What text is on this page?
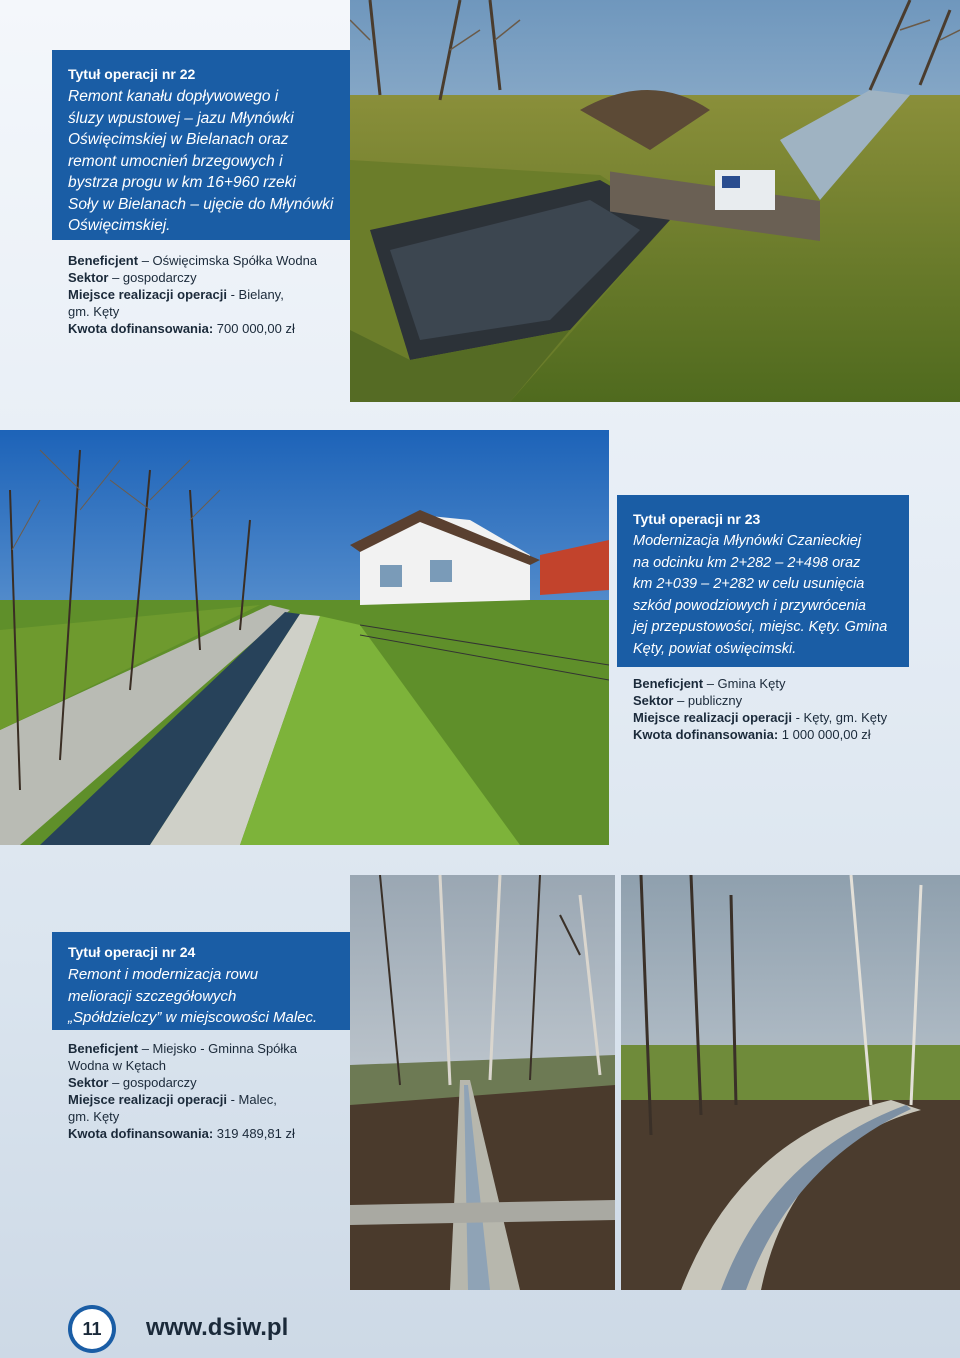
Tytuł operacji nr 22
Remont kanału dopływowego i
śluzy wpustowej – jazu Młynówki
Oświęcimskiej w Bielanach oraz
remont umocnień brzegowych i
bystrza progu w km 16+960 rzeki
Soły w Bielanach – ujęcie do Młynówki
Oświęcimskiej.
Beneficjent – Oświęcimska Spółka Wodna
Sektor – gospodarczy
Miejsce realizacji operacji - Bielany,
gm. Kęty
Kwota dofinansowania: 700 000,00 zł
Tytuł operacji nr 23
Modernizacja Młynówki Czanieckiej
na odcinku km 2+282 – 2+498 oraz
km 2+039 – 2+282 w celu usunięcia
szkód powodziowych i przywrócenia
jej przepustowości, miejsc. Kęty. Gmina
Kęty, powiat oświęcimski.
Beneficjent – Gmina Kęty
Sektor – publiczny
Miejsce realizacji operacji - Kęty, gm. Kęty
Kwota dofinansowania: 1 000 000,00 zł
Tytuł operacji nr 24
Remont i modernizacja rowu
melioracji szczegółowych
„Spółdzielczy” w miejscowości Malec.
Beneficjent – Miejsko - Gminna Spółka
Wodna w Kętach
Sektor – gospodarczy
Miejsce realizacji operacji - Malec,
gm. Kęty
Kwota dofinansowania: 319 489,81 zł
11	www.dsiw.pl
